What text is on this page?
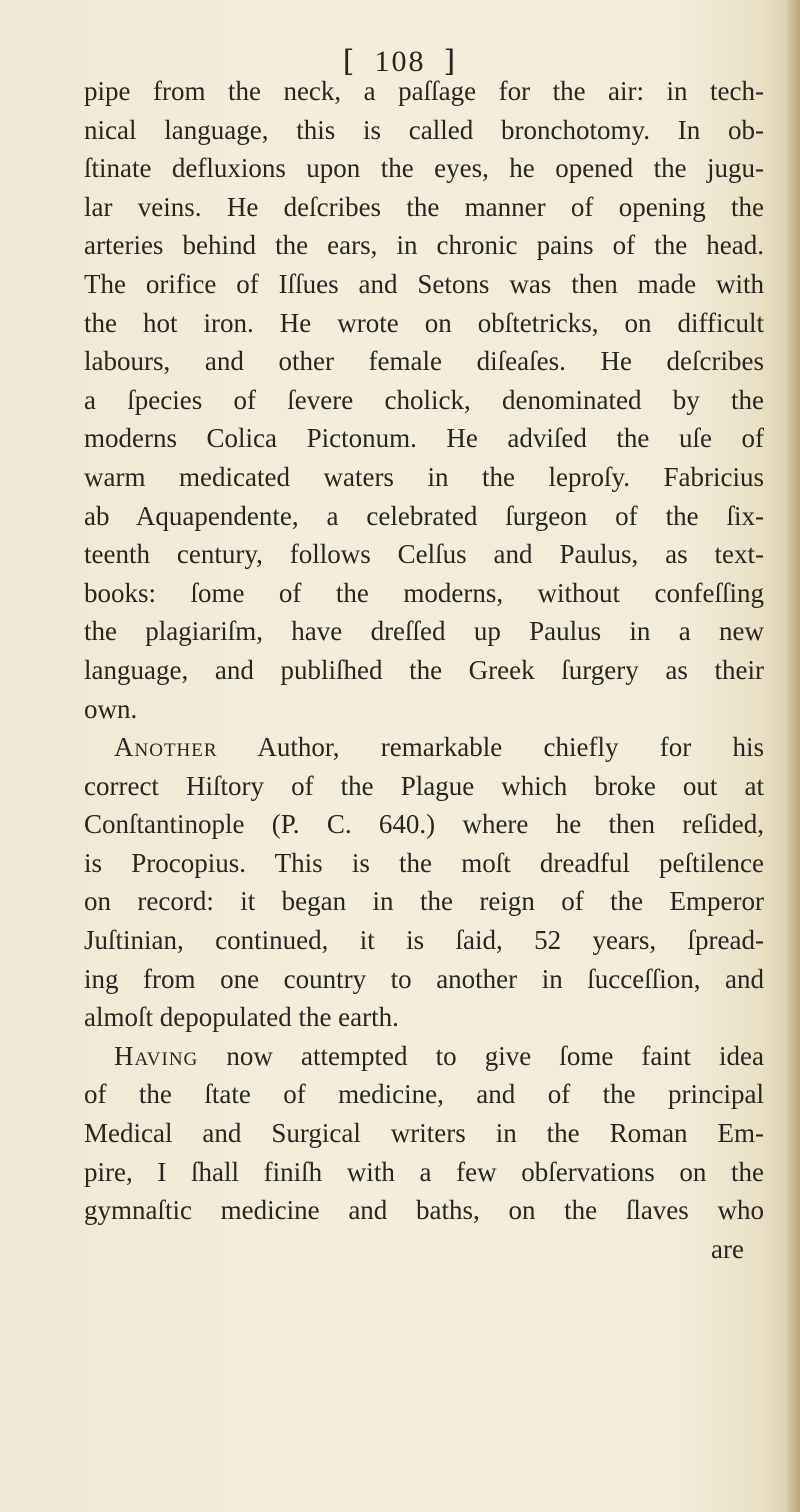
[ 108 ]
pipe from the neck, a paſſage for the air: in tech-
nical language, this is called bronchotomy. In ob-
ſtinate defluxions upon the eyes, he opened the jugu-
lar veins. He deſcribes the manner of opening the
arteries behind the ears, in chronic pains of the head.
The orifice of Iſſues and Setons was then made with
the hot iron. He wrote on obſtetricks, on difficult
labours, and other female diſeaſes. He deſcribes
a ſpecies of ſevere cholick, denominated by the
moderns Colica Pictonum. He adviſed the uſe of
warm medicated waters in the leproſy. Fabricius
ab Aquapendente, a celebrated ſurgeon of the ſix-
teenth century, follows Celſus and Paulus, as text-
books: ſome of the moderns, without confeſſing
the plagiariſm, have dreſſed up Paulus in a new
language, and publiſhed the Greek ſurgery as their
own.
Another Author, remarkable chiefly for his
correct Hiſtory of the Plague which broke out at
Conſtantinople (P. C. 640.) where he then reſided,
is Procopius. This is the moſt dreadful peſtilence
on record: it began in the reign of the Emperor
Juſtinian, continued, it is ſaid, 52 years, ſpread-
ing from one country to another in ſucceſſion, and
almoſt depopulated the earth.
Having now attempted to give ſome faint idea
of the ſtate of medicine, and of the principal
Medical and Surgical writers in the Roman Em-
pire, I ſhall finiſh with a few obſervations on the
gymnaſtic medicine and baths, on the ſlaves who
are
